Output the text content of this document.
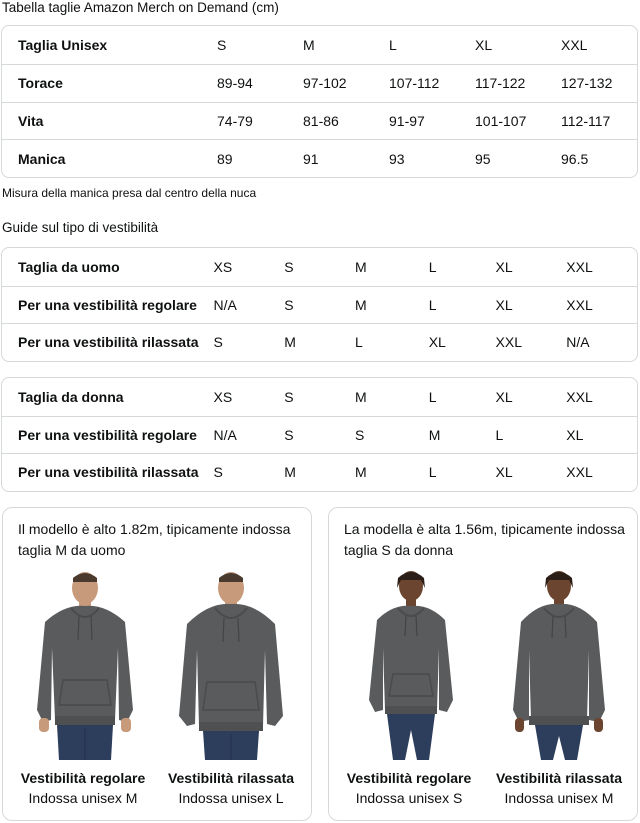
Tabella taglie Amazon Merch on Demand (cm)
Taglia Unisex	S	M	L	XL	XXL
Torace	89-94	97-102	107-112	117-122	127-132
Vita	74-79	81-86	91-97	101-107	112-117
Manica	89	91	93	95	96.5
Misura della manica presa dal centro della nuca
Guide sul tipo di vestibilità
Taglia da uomo	XS	S	M	L	XL	XXL
Per una vestibilità regolare	N/A	S	M	L	XL	XXL
Per una vestibilità rilassata	S	M	L	XL	XXL	N/A
Taglia da donna	XS	S	M	L	XL	XXL
Per una vestibilità regolare	N/A	S	S	M	L	XL
Per una vestibilità rilassata	S	M	M	L	XL	XXL
Il modello è alto 1.82m, tipicamente indossa taglia M da uomo
Vestibilità regolare
Indossa unisex M
Vestibilità rilassata
Indossa unisex L
La modella è alta 1.56m, tipicamente indossa taglia S da donna
Vestibilità regolare
Indossa unisex S
Vestibilità rilassata
Indossa unisex M
